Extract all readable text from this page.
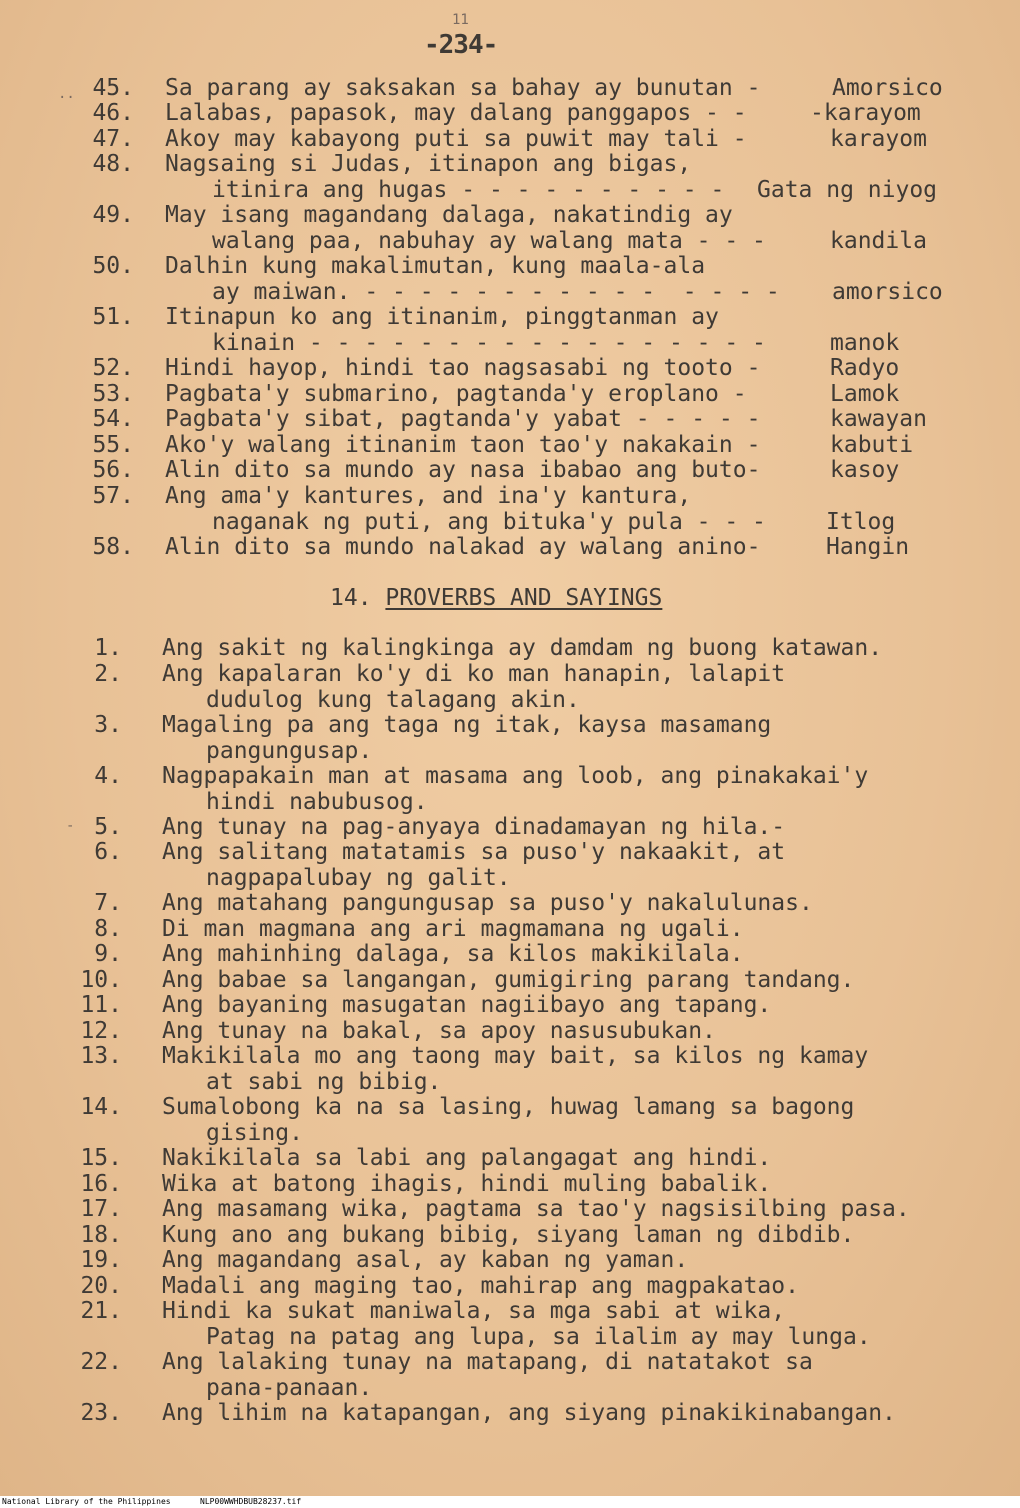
11
-234-
··
-
45. Sa parang ay saksakan sa bahay ay bunutan -	Amorsico
46. Lalabas, papasok, may dalang panggapos - -	-karayom
47. Akoy may kabayong puti sa puwit may tali -	karayom
48. Nagsaing si Judas, itinapon ang bigas,
itinira ang hugas - - - - - - - - - - Gata ng niyog
49. May isang magandang dalaga, nakatindig ay
walang paa, nabuhay ay walang mata - - -	kandila
50. Dalhin kung makalimutan, kung maala-ala
ay maiwan. - - - - - - - - - - -  - - - - amorsico
51. Itinapun ko ang itinanim, pinggtanman ay
kinain - - - - - - - - - - - - - - - - -	manok
52. Hindi hayop, hindi tao nagsasabi ng tooto -	Radyo
53. Pagbata'y submarino, pagtanda'y eroplano -	Lamok
54. Pagbata'y sibat, pagtanda'y yabat - - - - -	kawayan
55. Ako'y walang itinanim taon tao'y nakakain -	kabuti
56. Alin dito sa mundo ay nasa ibabao ang buto-	kasoy
57. Ang ama'y kantures, and ina'y kantura,
naganak ng puti, ang bituka'y pula - - -	Itlog
58. Alin dito sa mundo nalakad ay walang anino-	Hangin
14. PROVERBS AND SAYINGS
1. Ang sakit ng kalingkinga ay damdam ng buong katawan.
2. Ang kapalaran ko'y di ko man hanapin, lalapit
dudulog kung talagang akin.
3. Magaling pa ang taga ng itak, kaysa masamang
pangungusap.
4. Nagpapakain man at masama ang loob, ang pinakakai'y
hindi nabubusog.
5. Ang tunay na pag-anyaya dinadamayan ng hila.-
6. Ang salitang matatamis sa puso'y nakaakit, at
nagpapalubay ng galit.
7. Ang matahang pangungusap sa puso'y nakalulunas.
8. Di man magmana ang ari magmamana ng ugali.
9. Ang mahinhing dalaga, sa kilos makikilala.
10. Ang babae sa langangan, gumigiring parang tandang.
11. Ang bayaning masugatan nagiibayo ang tapang.
12. Ang tunay na bakal, sa apoy nasusubukan.
13. Makikilala mo ang taong may bait, sa kilos ng kamay
at sabi ng bibig.
14. Sumalobong ka na sa lasing, huwag lamang sa bagong
gising.
15. Nakikilala sa labi ang palangagat ang hindi.
16. Wika at batong ihagis, hindi muling babalik.
17. Ang masamang wika, pagtama sa tao'y nagsisilbing pasa.
18. Kung ano ang bukang bibig, siyang laman ng dibdib.
19. Ang magandang asal, ay kaban ng yaman.
20. Madali ang maging tao, mahirap ang magpakatao.
21. Hindi ka sukat maniwala, sa mga sabi at wika,
Patag na patag ang lupa, sa ilalim ay may lunga.
22. Ang lalaking tunay na matapang, di natatakot sa
pana-panaan.
23. Ang lihim na katapangan, ang siyang pinakikinabangan.
National Library of the Philippines	NLP00WWHDBUB28237.tif
